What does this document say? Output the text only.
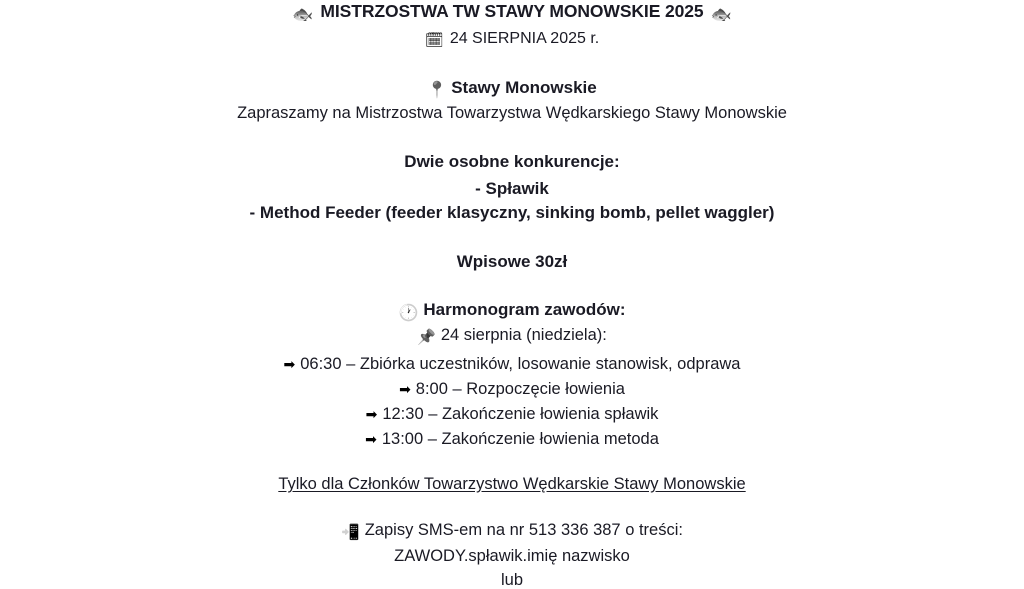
🐟 MISTRZOSTWA TW STAWY MONOWSKIE 2025 🐟
🗓 24 SIERPNIA 2025 r.
📍 Stawy Monowskie
Zapraszamy na Mistrzostwa Towarzystwa Wędkarskiego Stawy Monowskie
Dwie osobne konkurencje:
- Spławik
- Method Feeder (feeder klasyczny, sinking bomb, pellet waggler)
Wpisowe 30zł
🕐 Harmonogram zawodów:
📌 24 sierpnia (niedziela):
➡ 06:30 – Zbiórka uczestników, losowanie stanowisk, odprawa
➡ 8:00 – Rozpoczęcie łowienia
➡ 12:30 – Zakończenie łowienia spławik
➡ 13:00 – Zakończenie łowienia metoda
Tylko dla Członków Towarzystwo Wędkarskie Stawy Monowskie
📲 Zapisy SMS-em na nr 513 336 387 o treści:
ZAWODY.spławik.imię nazwisko
lub
